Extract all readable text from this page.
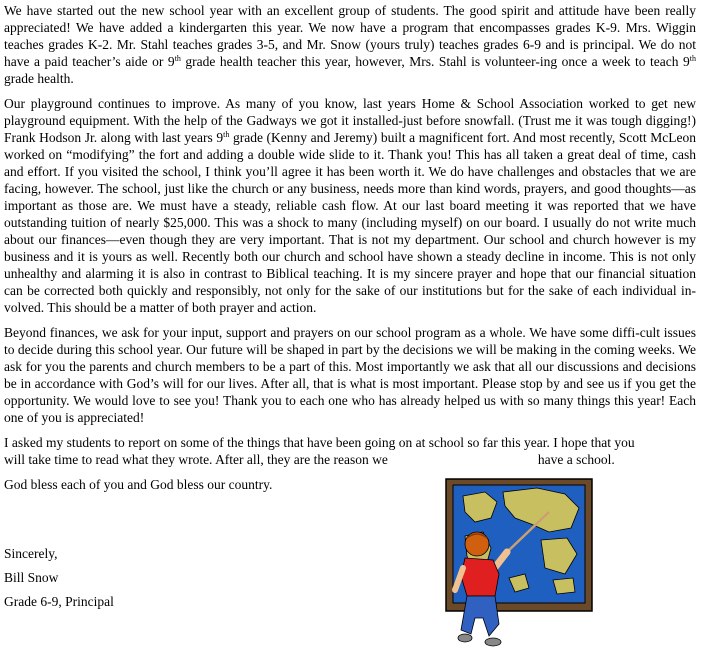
We have started out the new school year with an excellent group of students. The good spirit and attitude have been really appreciated! We have added a kindergarten this year. We now have a program that encompasses grades K-9. Mrs. Wiggin teaches grades K-2. Mr. Stahl teaches grades 3-5, and Mr. Snow (yours truly) teaches grades 6-9 and is principal. We do not have a paid teacher’s aide or 9th grade health teacher this year, however, Mrs. Stahl is volunteer-ing once a week to teach 9th grade health.

Our playground continues to improve. As many of you know, last years Home & School Association worked to get new playground equipment. With the help of the Gadways we got it installed-just before snowfall. (Trust me it was tough digging!) Frank Hodson Jr. along with last years 9th grade (Kenny and Jeremy) built a magnificent fort. And most recently, Scott McLeon worked on “modifying” the fort and adding a double wide slide to it. Thank you! This has all taken a great deal of time, cash and effort. If you visited the school, I think you’ll agree it has been worth it. We do have challenges and obstacles that we are facing, however. The school, just like the church or any business, needs more than kind words, prayers, and good thoughts—as important as those are. We must have a steady, reliable cash flow. At our last board meeting it was reported that we have outstanding tuition of nearly $25,000. This was a shock to many (including myself) on our board. I usually do not write much about our finances—even though they are very important. That is not my department. Our school and church however is my business and it is yours as well. Recently both our church and school have shown a steady decline in income. This is not only unhealthy and alarming it is also in contrast to Biblical teaching. It is my sincere prayer and hope that our financial situation can be corrected both quickly and responsibly, not only for the sake of our institutions but for the sake of each individual in-volved. This should be a matter of both prayer and action.

Beyond finances, we ask for your input, support and prayers on our school program as a whole. We have some diffi-cult issues to decide during this school year. Our future will be shaped in part by the decisions we will be making in the coming weeks. We ask for you the parents and church members to be a part of this. Most importantly we ask that all our discussions and decisions be in accordance with God’s will for our lives. After all, that is what is most important. Please stop by and see us if you get the opportunity. We would love to see you! Thank you to each one who has already helped us with so many things this year! Each one of you is appreciated!

I asked my students to report on some of the things that have been going on at school so far this year. I hope that you
will take time to read what they wrote. After all, they are the reason we	have a school.

God bless each of you and God bless our country.

Sincerely,
Bill Snow
Grade 6-9, Principal
